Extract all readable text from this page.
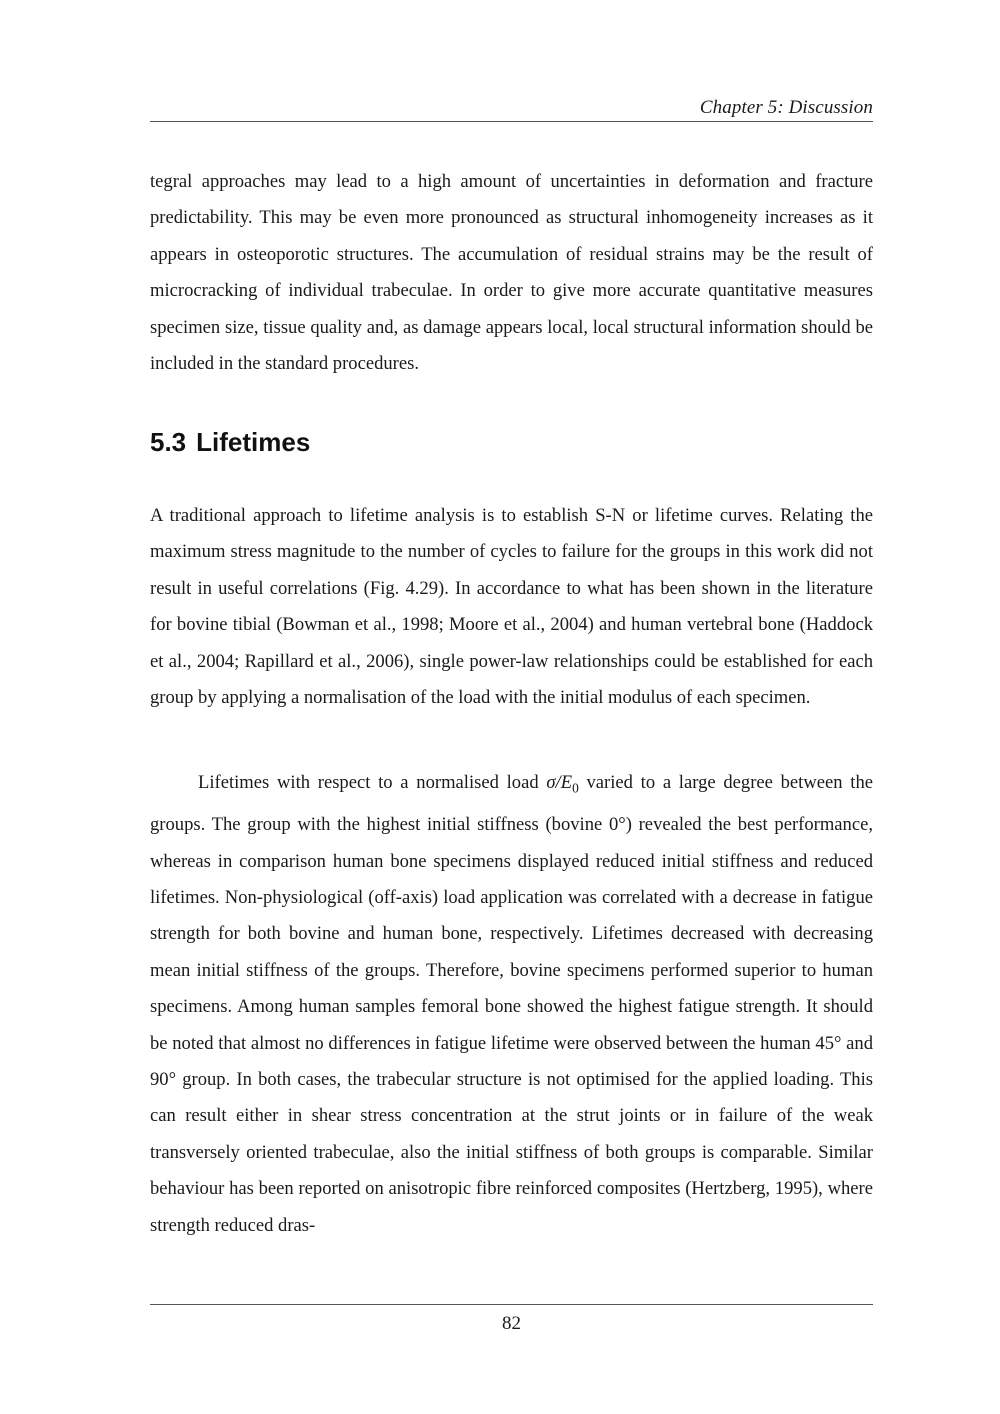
Chapter 5: Discussion

tegral approaches may lead to a high amount of uncertainties in deformation and fracture predictability. This may be even more pronounced as structural inhomogeneity increases as it appears in osteoporotic structures. The accumulation of residual strains may be the result of microcracking of individual trabeculae. In order to give more accurate quantitative measures specimen size, tissue quality and, as damage appears local, local structural information should be included in the standard procedures.

5.3 Lifetimes

A traditional approach to lifetime analysis is to establish S-N or lifetime curves. Relating the maximum stress magnitude to the number of cycles to failure for the groups in this work did not result in useful correlations (Fig. 4.29). In accordance to what has been shown in the literature for bovine tibial (Bowman et al., 1998; Moore et al., 2004) and human vertebral bone (Haddock et al., 2004; Rapillard et al., 2006), single power-law relationships could be established for each group by applying a normalisation of the load with the initial modulus of each specimen.

Lifetimes with respect to a normalised load $\sigma/E_0$ varied to a large degree between the groups. The group with the highest initial stiffness (bovine 0°) revealed the best performance, whereas in comparison human bone specimens displayed reduced initial stiffness and reduced lifetimes. Non-physiological (off-axis) load application was correlated with a decrease in fatigue strength for both bovine and human bone, respectively. Lifetimes decreased with decreasing mean initial stiffness of the groups. Therefore, bovine specimens performed superior to human specimens. Among human samples femoral bone showed the highest fatigue strength. It should be noted that almost no differences in fatigue lifetime were observed between the human 45° and 90° group. In both cases, the trabecular structure is not optimised for the applied loading. This can result either in shear stress concentration at the strut joints or in failure of the weak transversely oriented trabeculae, also the initial stiffness of both groups is comparable. Similar behaviour has been reported on anisotropic fibre reinforced composites (Hertzberg, 1995), where strength reduced dras-

82
